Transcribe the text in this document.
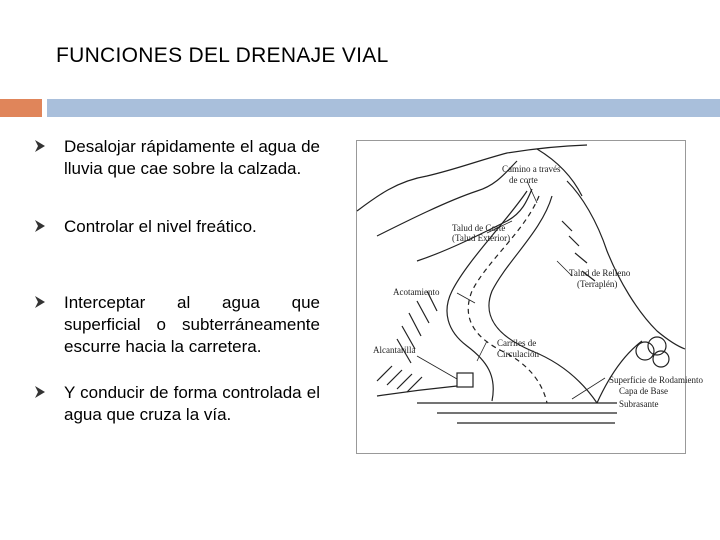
FUNCIONES DEL DRENAJE VIAL
Desalojar rápidamente el agua de lluvia que cae sobre la calzada.
Controlar el nivel freático.
Interceptar al agua que superficial o subterráneamente escurre hacia la carretera.
Y conducir de forma controlada el agua que cruza la vía.
Camino a través
de corte
Talud de Corte
(Talud Exterior)
Talud de Relleno
(Terraplén)
Acotamiento
Carriles de
Circulación
Alcantarilla
Superficie de Rodamiento
Capa de Base
Subrasante
